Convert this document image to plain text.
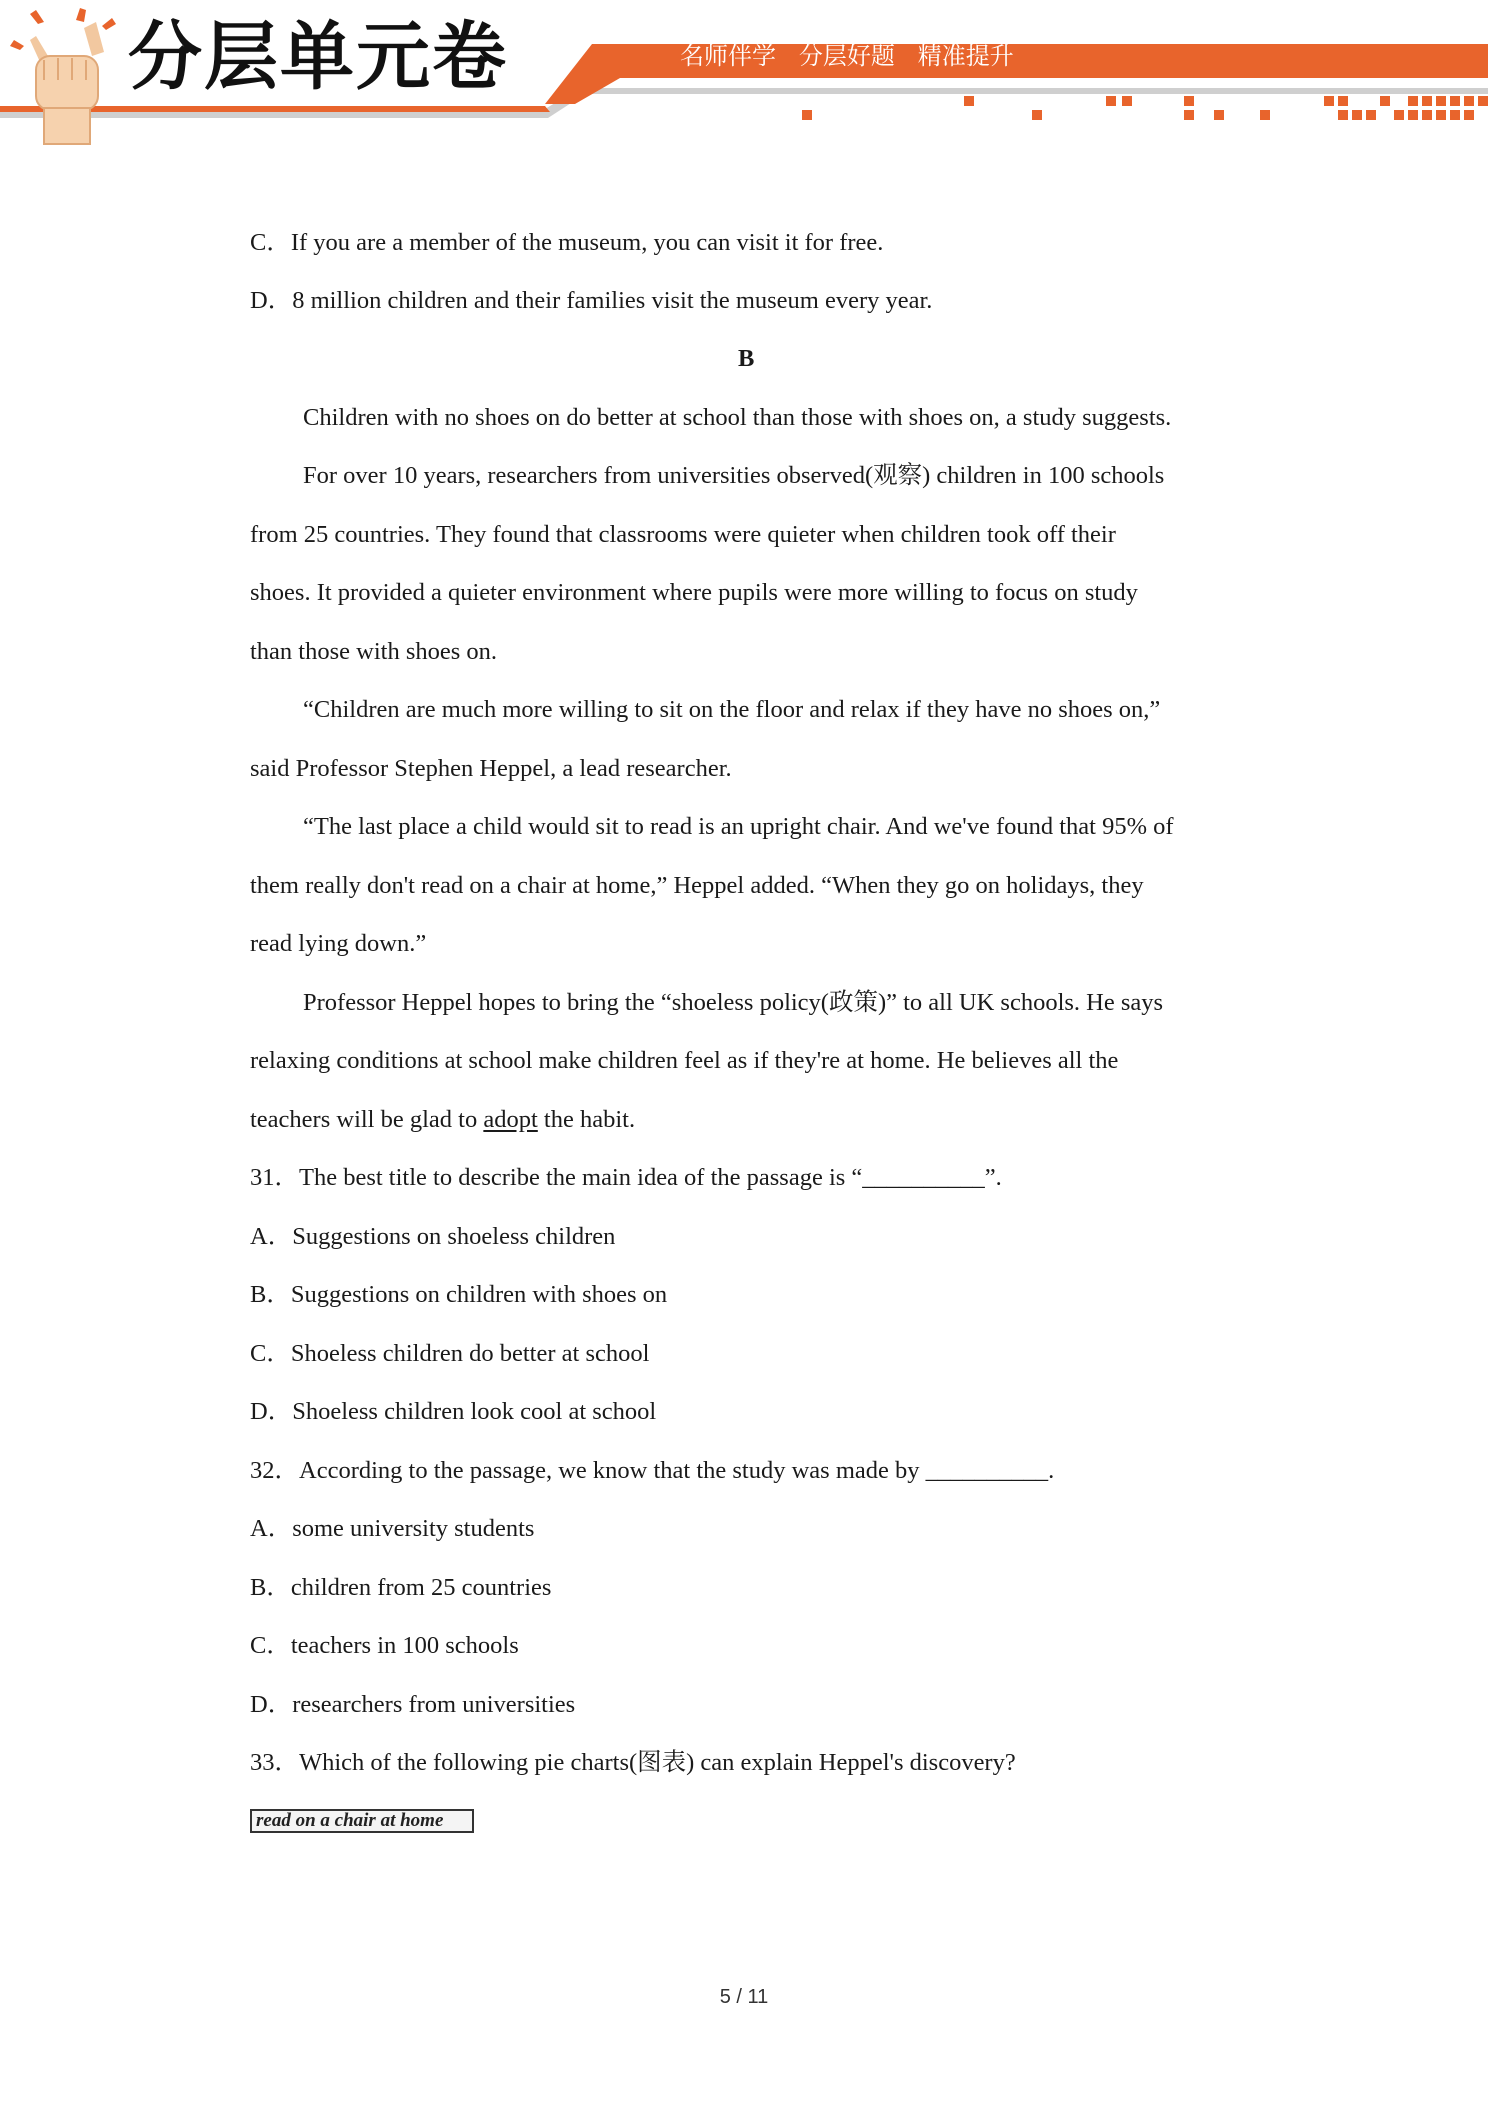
分层单元卷	名师伴学   分层好题   精准提升
C．If you are a member of the museum, you can visit it for free.
D．8 million children and their families visit the museum every year.
B
Children with no shoes on do better at school than those with shoes on, a study suggests.
For over 10 years, researchers from universities observed(观察) children in 100 schools
from 25 countries. They found that classrooms were quieter when children took off their
shoes. It provided a quieter environment where pupils were more willing to focus on study
than those with shoes on.
“Children are much more willing to sit on the floor and relax if they have no shoes on,”
said Professor Stephen Heppel, a lead researcher.
“The last place a child would sit to read is an upright chair. And we've found that 95% of
them really don't read on a chair at home,” Heppel added. “When they go on holidays, they
read lying down.”
Professor Heppel hopes to bring the “shoeless policy(政策)” to all UK schools. He says
relaxing conditions at school make children feel as if they're at home. He believes all the
teachers will be glad to adopt the habit.
31．The best title to describe the main idea of the passage is “__________”.
A．Suggestions on shoeless children
B．Suggestions on children with shoes on
C．Shoeless children do better at school
D．Shoeless children look cool at school
32．According to the passage, we know that the study was made by __________.
A．some university students
B．children from 25 countries
C．teachers in 100 schools
D．researchers from universities
33．Which of the following pie charts(图表) can explain Heppel's discovery?
read on a chair at home
5 / 11
